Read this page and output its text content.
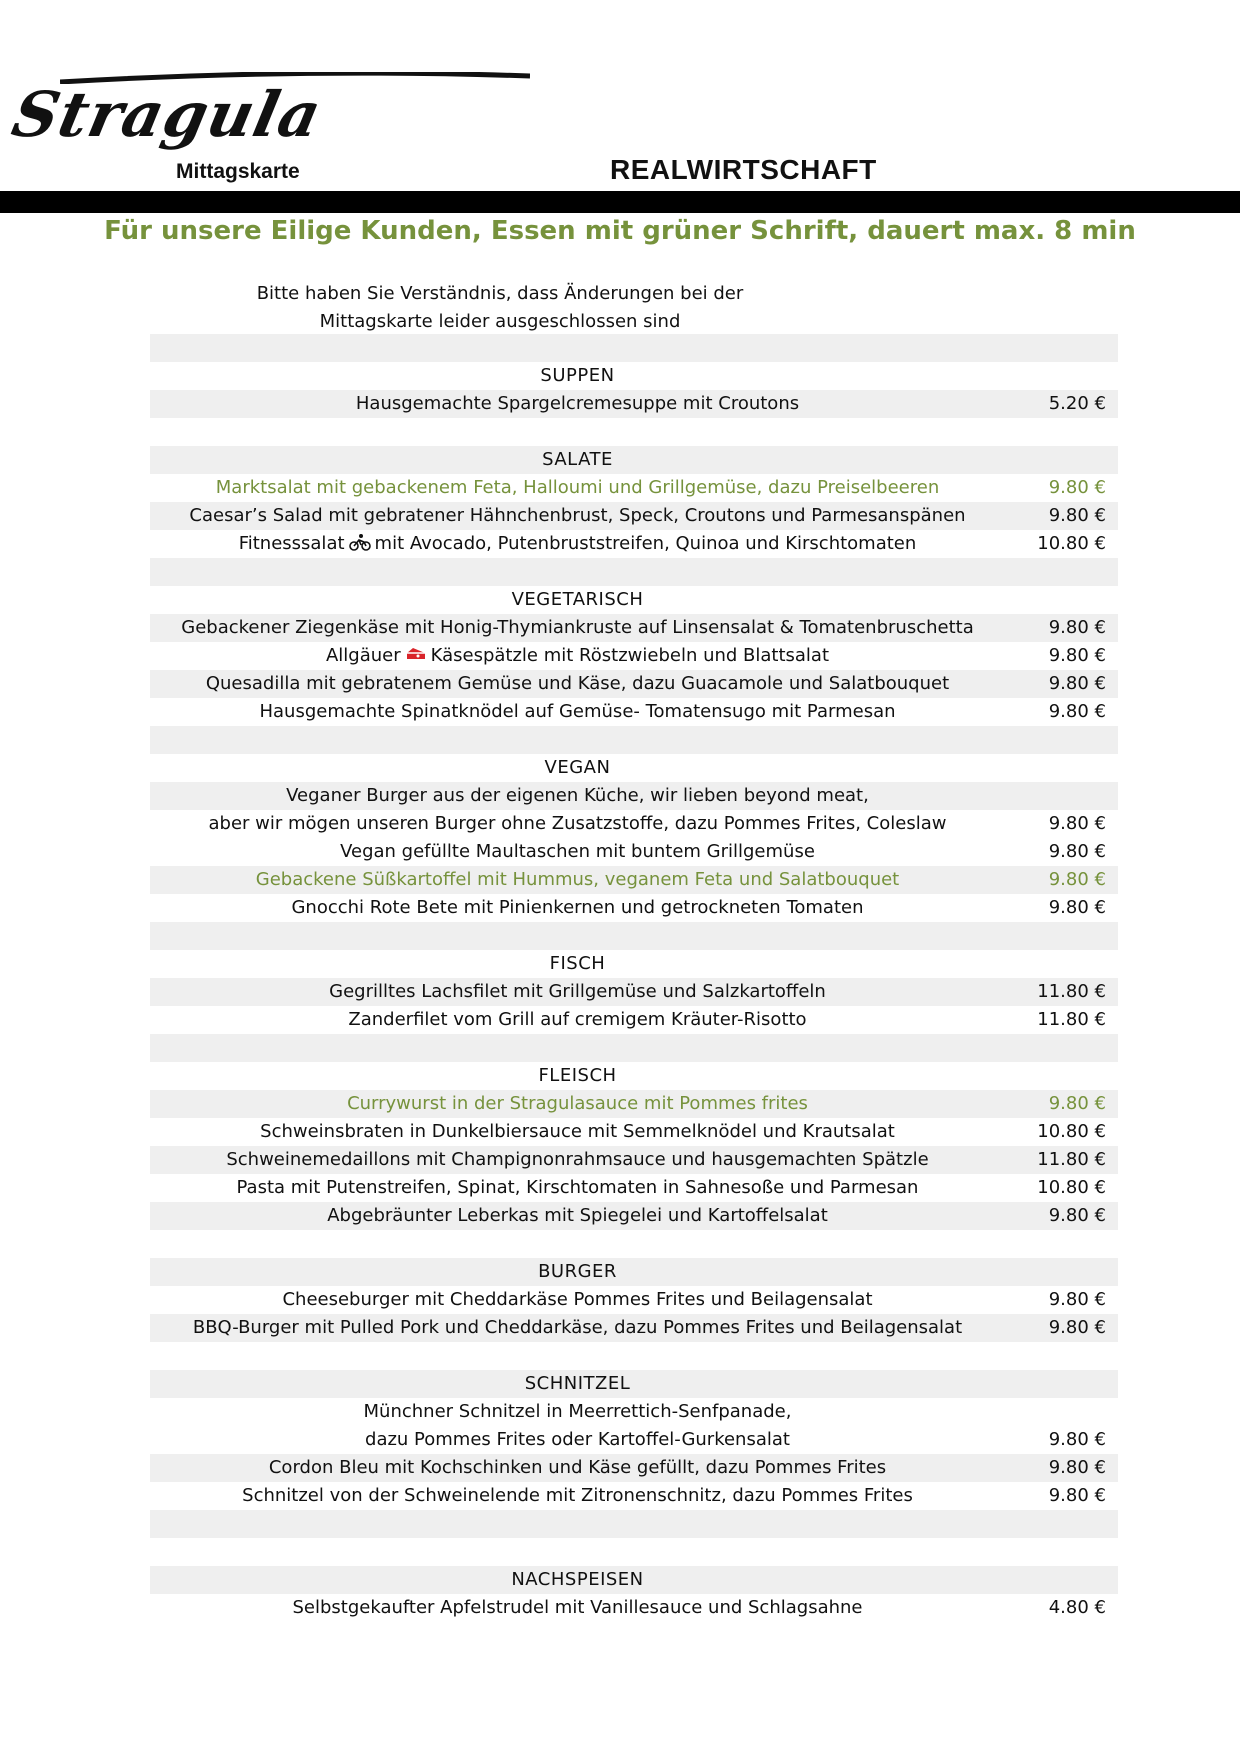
Stragula
Mittagskarte	REALWIRTSCHAFT
Für unsere Eilige Kunden, Essen mit grüner Schrift, dauert max. 8 min
Bitte haben Sie Verständnis, dass Änderungen bei der
Mittagskarte leider ausgeschlossen sind
SUPPEN
Hausgemachte Spargelcremesuppe mit Croutons	5.20 €
SALATE
Marktsalat mit gebackenem Feta, Halloumi und Grillgemüse, dazu Preiselbeeren	9.80 €
Caesar’s Salad mit gebratener Hähnchenbrust, Speck, Croutons und Parmesanspänen	9.80 €
Fitnesssalat mit Avocado, Putenbruststreifen, Quinoa und Kirschtomaten	10.80 €
VEGETARISCH
Gebackener Ziegenkäse mit Honig-Thymiankruste auf Linsensalat & Tomatenbruschetta	9.80 €
Allgäuer Käsespätzle mit Röstzwiebeln und Blattsalat	9.80 €
Quesadilla mit gebratenem Gemüse und Käse, dazu Guacamole und Salatbouquet	9.80 €
Hausgemachte Spinatknödel auf Gemüse- Tomatensugo mit Parmesan	9.80 €
VEGAN
Veganer Burger aus der eigenen Küche, wir lieben beyond meat,
aber wir mögen unseren Burger ohne Zusatzstoffe, dazu Pommes Frites, Coleslaw	9.80 €
Vegan gefüllte Maultaschen mit buntem Grillgemüse	9.80 €
Gebackene Süßkartoffel mit Hummus, veganem Feta und Salatbouquet	9.80 €
Gnocchi Rote Bete mit Pinienkernen und getrockneten Tomaten	9.80 €
FISCH
Gegrilltes Lachsfilet mit Grillgemüse und Salzkartoffeln	11.80 €
Zanderfilet vom Grill auf cremigem Kräuter-Risotto	11.80 €
FLEISCH
Currywurst in der Stragulasauce mit Pommes frites	9.80 €
Schweinsbraten in Dunkelbiersauce mit Semmelknödel und Krautsalat	10.80 €
Schweinemedaillons mit Champignonrahmsauce und hausgemachten Spätzle	11.80 €
Pasta mit Putenstreifen, Spinat, Kirschtomaten in Sahnesoße und Parmesan	10.80 €
Abgebräunter Leberkas mit Spiegelei und Kartoffelsalat	9.80 €
BURGER
Cheeseburger mit Cheddarkäse Pommes Frites und Beilagensalat	9.80 €
BBQ-Burger mit Pulled Pork und Cheddarkäse, dazu Pommes Frites und Beilagensalat	9.80 €
SCHNITZEL
Münchner Schnitzel in Meerrettich-Senfpanade,
dazu Pommes Frites oder Kartoffel-Gurkensalat	9.80 €
Cordon Bleu mit Kochschinken und Käse gefüllt, dazu Pommes Frites	9.80 €
Schnitzel von der Schweinelende mit Zitronenschnitz, dazu Pommes Frites	9.80 €
NACHSPEISEN
Selbstgekaufter Apfelstrudel mit Vanillesauce und Schlagsahne	4.80 €
